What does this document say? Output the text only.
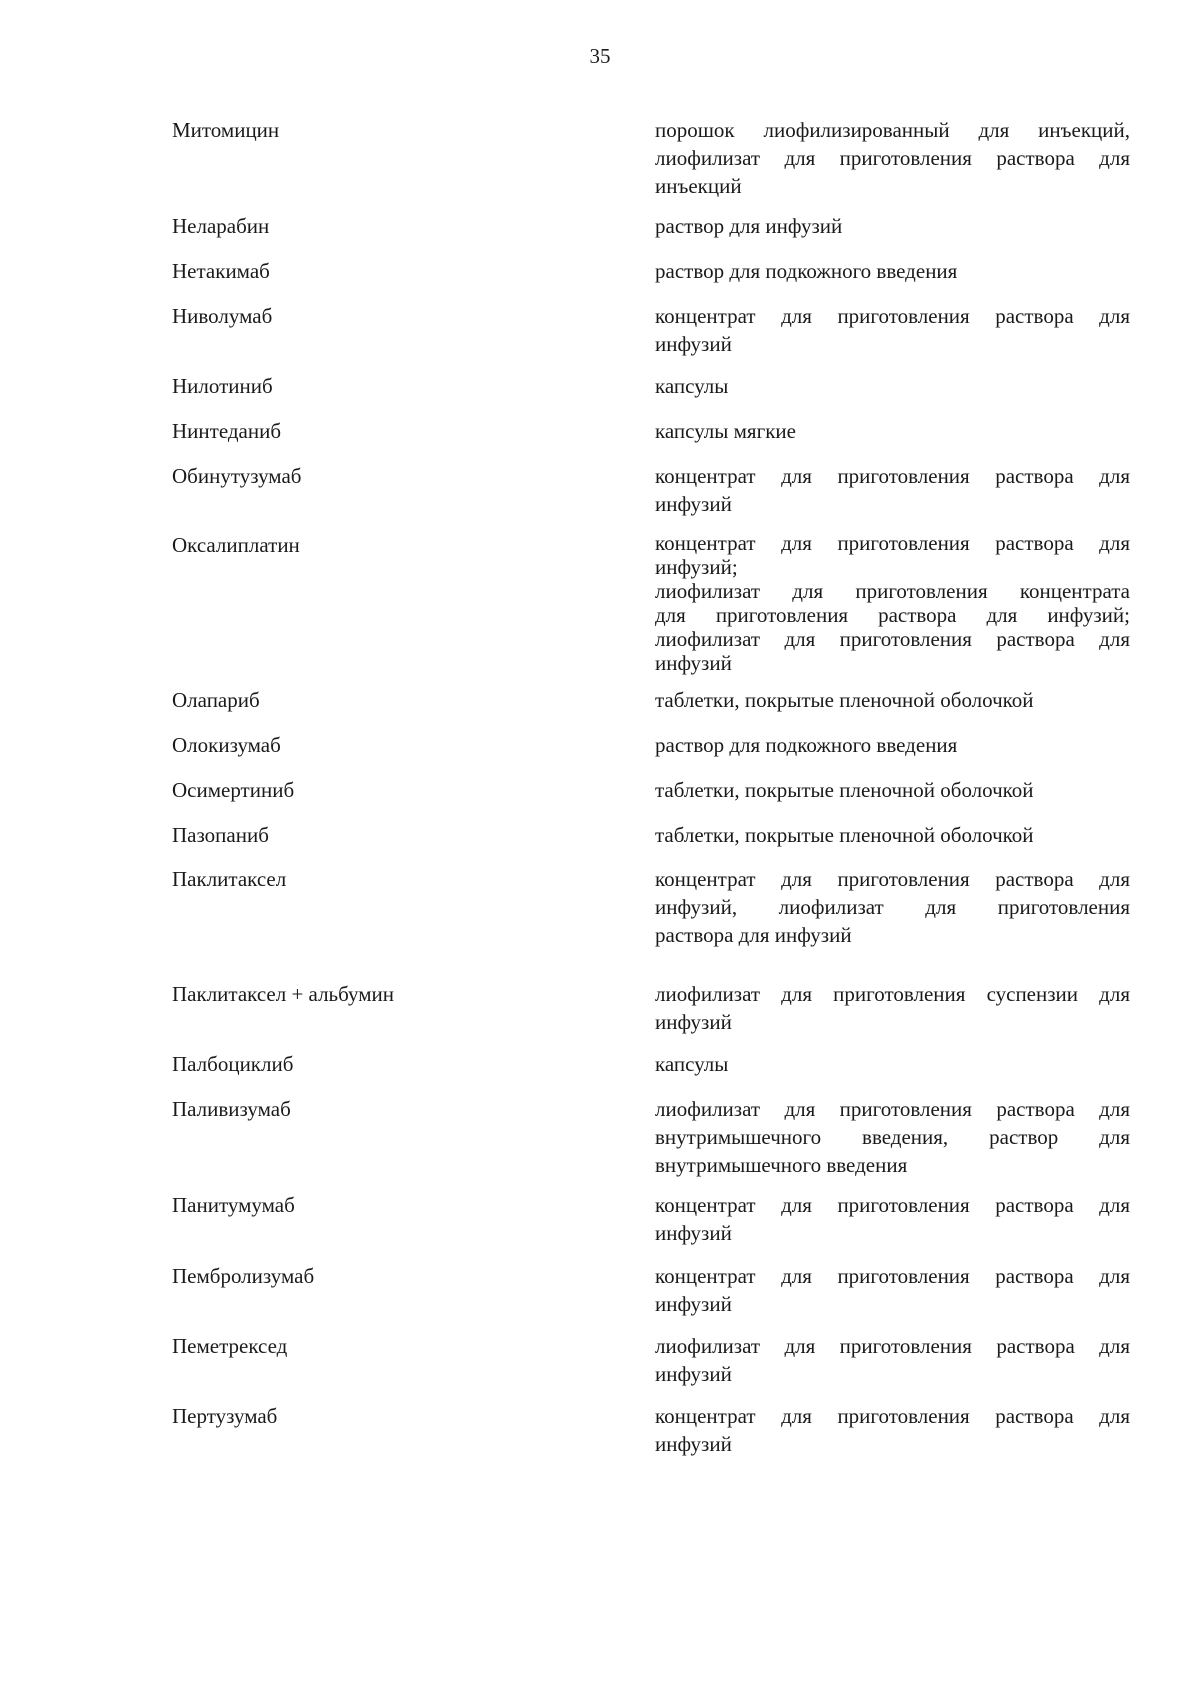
35
Митомицин	порошок лиофилизированный для инъекций,
лиофилизат для приготовления раствора для
инъекций
Неларабин	раствор для инфузий
Нетакимаб	раствор для подкожного введения
Ниволумаб	концентрат для приготовления раствора для
инфузий
Нилотиниб	капсулы
Нинтеданиб	капсулы мягкие
Обинутузумаб	концентрат для приготовления раствора для
инфузий
Оксалиплатин	концентрат для приготовления раствора для
инфузий;
лиофилизат для приготовления концентрата
для приготовления раствора для инфузий;
лиофилизат для приготовления раствора для
инфузий
Олапариб	таблетки, покрытые пленочной оболочкой
Олокизумаб	раствор для подкожного введения
Осимертиниб	таблетки, покрытые пленочной оболочкой
Пазопаниб	таблетки, покрытые пленочной оболочкой
Паклитаксел	концентрат для приготовления раствора для
инфузий, лиофилизат для приготовления
раствора для инфузий
Паклитаксел + альбумин	лиофилизат для приготовления суспензии для
инфузий
Палбоциклиб	капсулы
Паливизумаб	лиофилизат для приготовления раствора для
внутримышечного введения, раствор для
внутримышечного введения
Панитумумаб	концентрат для приготовления раствора для
инфузий
Пембролизумаб	концентрат для приготовления раствора для
инфузий
Пеметрексед	лиофилизат для приготовления раствора для
инфузий
Пертузумаб	концентрат для приготовления раствора для
инфузий
